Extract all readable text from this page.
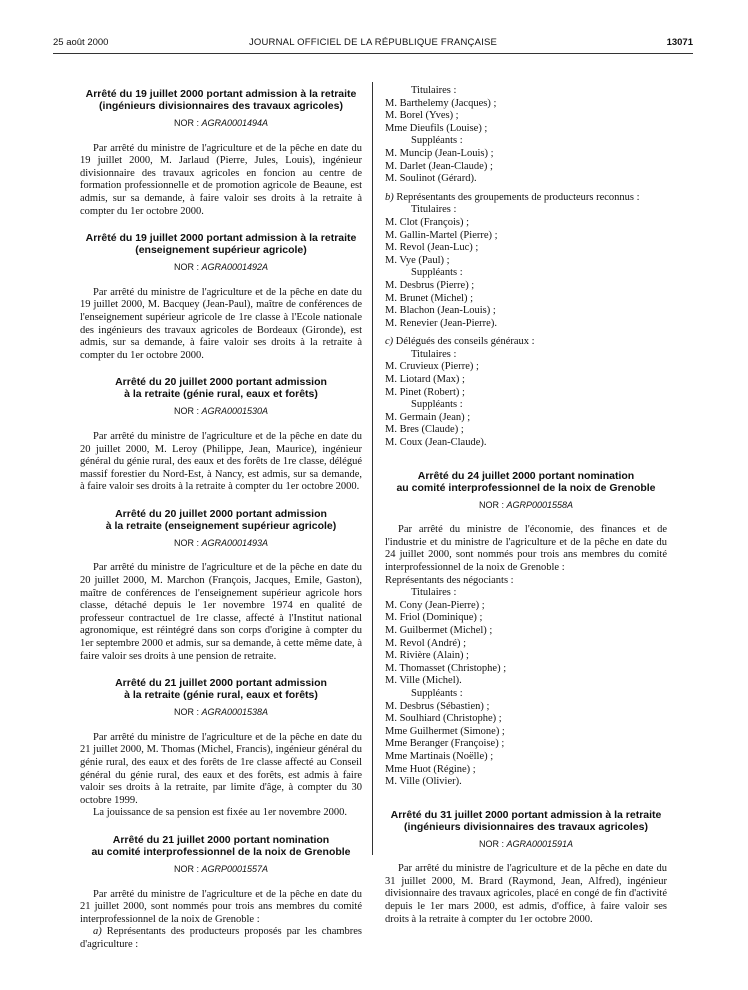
25 août 2000	JOURNAL OFFICIEL DE LA RÉPUBLIQUE FRANÇAISE	13071
Arrêté du 19 juillet 2000 portant admission à la retraite
(ingénieurs divisionnaires des travaux agricoles)
NOR : AGRA0001494A

Par arrêté du ministre de l'agriculture et de la pêche en date du 19 juillet 2000, M. Jarlaud (Pierre, Jules, Louis), ingénieur divisionnaire des travaux agricoles en foncion au centre de formation professionnelle et de promotion agricole de Beaune, est admis, sur sa demande, à faire valoir ses droits à la retraite à compter du 1er octobre 2000.

Arrêté du 19 juillet 2000 portant admission à la retraite
(enseignement supérieur agricole)
NOR : AGRA0001492A

Par arrêté du ministre de l'agriculture et de la pêche en date du 19 juillet 2000, M. Bacquey (Jean-Paul), maître de conférences de l'enseignement supérieur agricole de 1re classe à l'Ecole nationale des ingénieurs des travaux agricoles de Bordeaux (Gironde), est admis, sur sa demande, à faire valoir ses droits à la retraite à compter du 1er octobre 2000.

Arrêté du 20 juillet 2000 portant admission
à la retraite (génie rural, eaux et forêts)
NOR : AGRA0001530A

Par arrêté du ministre de l'agriculture et de la pêche en date du 20 juillet 2000, M. Leroy (Philippe, Jean, Maurice), ingénieur général du génie rural, des eaux et des forêts de 1re classe, délégué massif forestier du Nord-Est, à Nancy, est admis, sur sa demande, à faire valoir ses droits à la retraite à compter du 1er octobre 2000.

Arrêté du 20 juillet 2000 portant admission
à la retraite (enseignement supérieur agricole)
NOR : AGRA0001493A

Par arrêté du ministre de l'agriculture et de la pêche en date du 20 juillet 2000, M. Marchon (François, Jacques, Emile, Gaston), maître de conférences de l'enseignement supérieur agricole hors classe, détaché depuis le 1er novembre 1974 en qualité de professeur contractuel de 1re classe, affecté à l'Institut national agronomique, est réintégré dans son corps d'origine à compter du 1er septembre 2000 et admis, sur sa demande, à cette même date, à faire valoir ses droits à une pension de retraite.

Arrêté du 21 juillet 2000 portant admission
à la retraite (génie rural, eaux et forêts)
NOR : AGRA0001538A

Par arrêté du ministre de l'agriculture et de la pêche en date du 21 juillet 2000, M. Thomas (Michel, Francis), ingénieur général du génie rural, des eaux et des forêts de 1re classe affecté au Conseil général du génie rural, des eaux et des forêts, est admis à faire valoir ses droits à la retraite, par limite d'âge, à compter du 30 octobre 1999.

La jouissance de sa pension est fixée au 1er novembre 2000.

Arrêté du 21 juillet 2000 portant nomination
au comité interprofessionnel de la noix de Grenoble
NOR : AGRP0001557A

Par arrêté du ministre de l'agriculture et de la pêche en date du 21 juillet 2000, sont nommés pour trois ans membres du comité interprofessionnel de la noix de Grenoble :

a) Représentants des producteurs proposés par les chambres d'agriculture :

Titulaires :
M. Barthelemy (Jacques) ;
M. Borel (Yves) ;
Mme Dieufils (Louise) ;
Suppléants :
M. Muncip (Jean-Louis) ;
M. Darlet (Jean-Claude) ;
M. Soulinot (Gérard).
b) Représentants des groupements de producteurs reconnus :
Titulaires :
M. Clot (François) ;
M. Gallin-Martel (Pierre) ;
M. Revol (Jean-Luc) ;
M. Vye (Paul) ;
Suppléants :
M. Desbrus (Pierre) ;
M. Brunet (Michel) ;
M. Blachon (Jean-Louis) ;
M. Renevier (Jean-Pierre).
c) Délégués des conseils généraux :
Titulaires :
M. Cruvieux (Pierre) ;
M. Liotard (Max) ;
M. Pinet (Robert) ;
Suppléants :
M. Germain (Jean) ;
M. Bres (Claude) ;
M. Coux (Jean-Claude).
Arrêté du 24 juillet 2000 portant nomination
au comité interprofessionnel de la noix de Grenoble
NOR : AGRP0001558A

Par arrêté du ministre de l'économie, des finances et de l'industrie et du ministre de l'agriculture et de la pêche en date du 24 juillet 2000, sont nommés pour trois ans membres du comité interprofessionnel de la noix de Grenoble :

Représentants des négociants :
Titulaires :
M. Cony (Jean-Pierre) ;
M. Friol (Dominique) ;
M. Guilbermet (Michel) ;
M. Revol (André) ;
M. Rivière (Alain) ;
M. Thomasset (Christophe) ;
M. Ville (Michel).
Suppléants :
M. Desbrus (Sébastien) ;
M. Soulhiard (Christophe) ;
Mme Guilhermet (Simone) ;
Mme Beranger (Françoise) ;
Mme Martinais (Noëlle) ;
Mme Huot (Régine) ;
M. Ville (Olivier).
Arrêté du 31 juillet 2000 portant admission à la retraite
(ingénieurs divisionnaires des travaux agricoles)
NOR : AGRA0001591A

Par arrêté du ministre de l'agriculture et de la pêche en date du 31 juillet 2000, M. Brard (Raymond, Jean, Alfred), ingénieur divisionnaire des travaux agricoles, placé en congé de fin d'activité depuis le 1er mars 2000, est admis, d'office, à faire valoir ses droits à la retraite à compter du 1er octobre 2000.
